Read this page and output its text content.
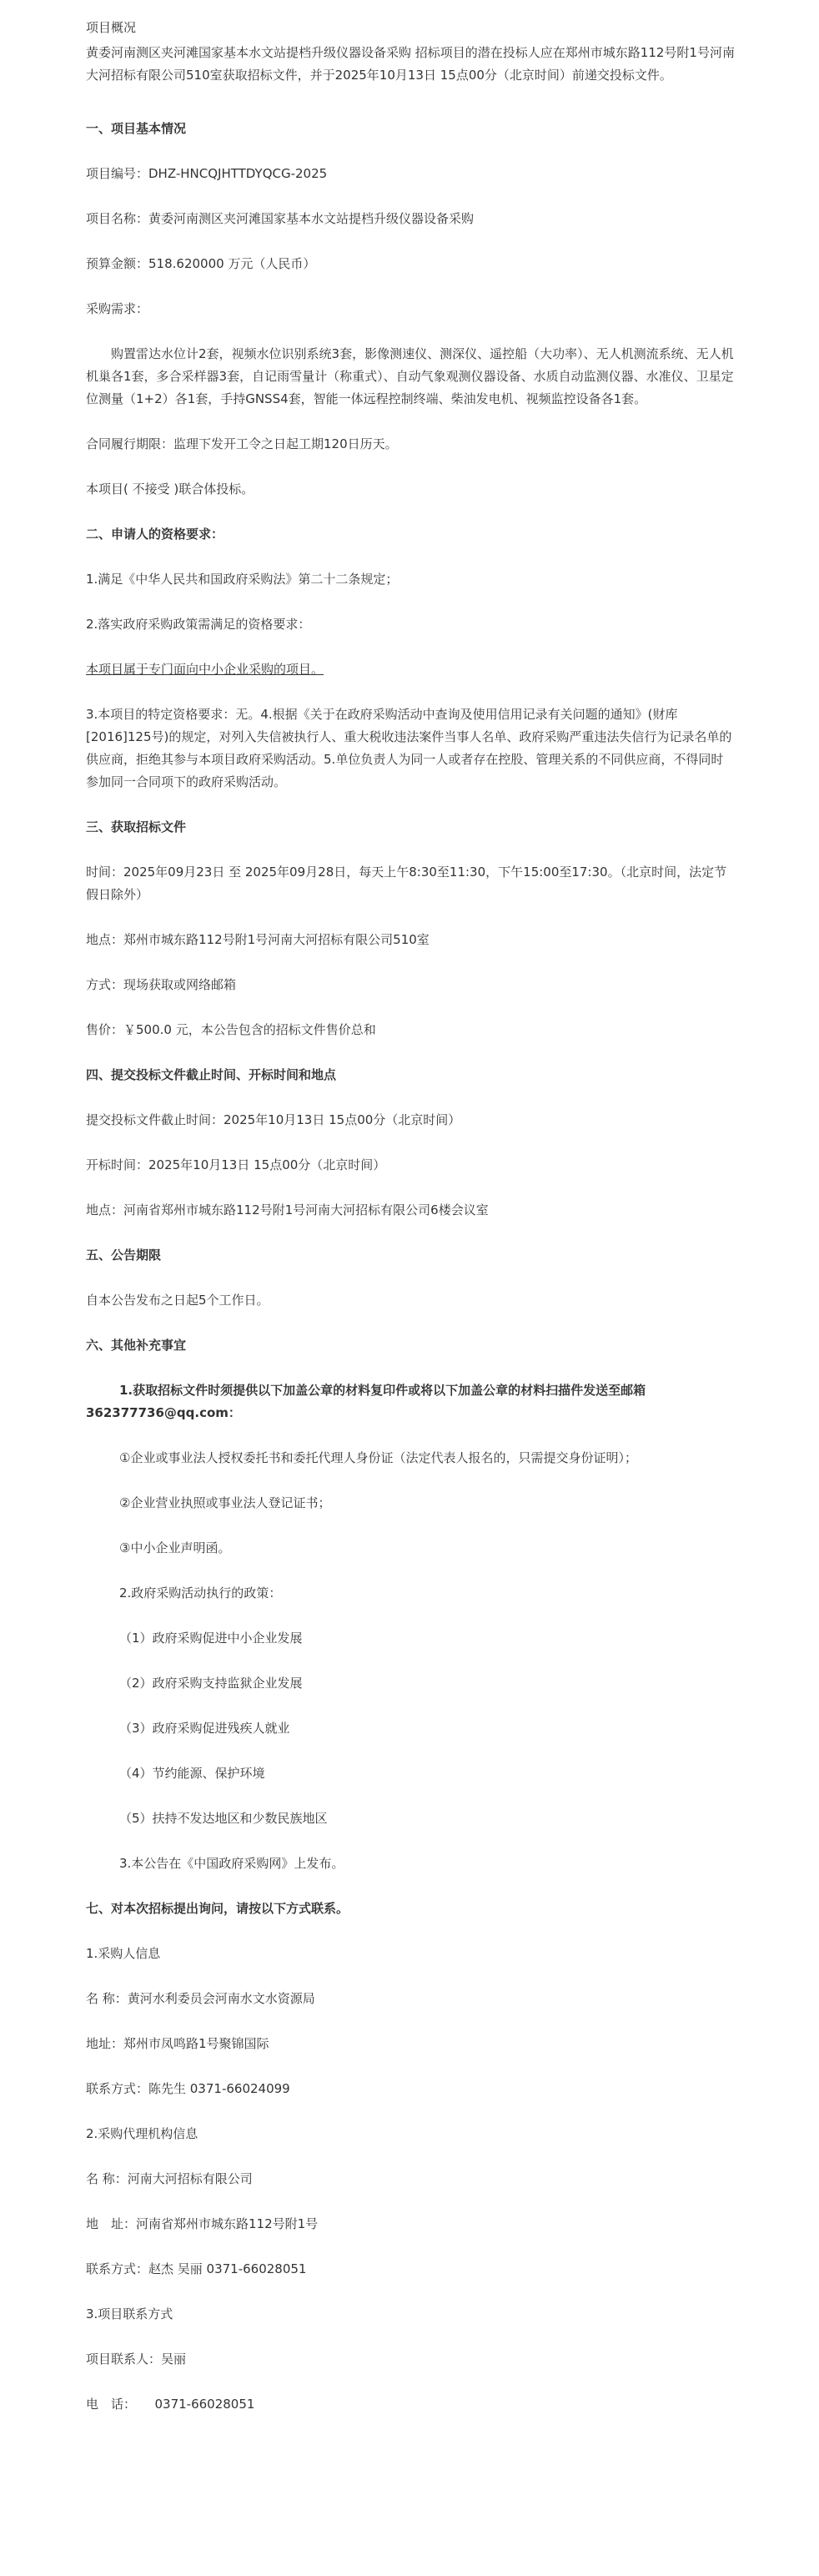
项目概况

黄委河南测区夹河滩国家基本水文站提档升级仪器设备采购 招标项目的潜在投标人应在郑州市城东路112号附1号河南大河招标有限公司510室获取招标文件，并于2025年10月13日 15点00分（北京时间）前递交投标文件。

一、项目基本情况

项目编号：DHZ-HNCQJHTTDYQCG-2025

项目名称：黄委河南测区夹河滩国家基本水文站提档升级仪器设备采购

预算金额：518.620000 万元（人民币）

采购需求：

购置雷达水位计2套，视频水位识别系统3套，影像测速仪、测深仪、遥控船（大功率）、无人机测流系统、无人机机巢各1套，多合采样器3套，自记雨雪量计（称重式）、自动气象观测仪器设备、水质自动监测仪器、水准仪、卫星定位测量（1+2）各1套，手持GNSS4套，智能一体远程控制终端、柴油发电机、视频监控设备各1套。

合同履行期限：监理下发开工令之日起工期120日历天。

本项目( 不接受 )联合体投标。

二、申请人的资格要求：

1.满足《中华人民共和国政府采购法》第二十二条规定；

2.落实政府采购政策需满足的资格要求：

本项目属于专门面向中小企业采购的项目。

3.本项目的特定资格要求：无。4.根据《关于在政府采购活动中查询及使用信用记录有关问题的通知》(财库[2016]125号)的规定，对列入失信被执行人、重大税收违法案件当事人名单、政府采购严重违法失信行为记录名单的供应商，拒绝其参与本项目政府采购活动。5.单位负责人为同一人或者存在控股、管理关系的不同供应商，不得同时参加同一合同项下的政府采购活动。

三、获取招标文件

时间：2025年09月23日 至 2025年09月28日，每天上午8:30至11:30，下午15:00至17:30。（北京时间，法定节假日除外）

地点：郑州市城东路112号附1号河南大河招标有限公司510室

方式：现场获取或网络邮箱

售价：￥500.0 元，本公告包含的招标文件售价总和

四、提交投标文件截止时间、开标时间和地点

提交投标文件截止时间：2025年10月13日 15点00分（北京时间）

开标时间：2025年10月13日 15点00分（北京时间）

地点：河南省郑州市城东路112号附1号河南大河招标有限公司6楼会议室

五、公告期限

自本公告发布之日起5个工作日。

六、其他补充事宜

1.获取招标文件时须提供以下加盖公章的材料复印件或将以下加盖公章的材料扫描件发送至邮箱

362377736@qq.com：

①企业或事业法人授权委托书和委托代理人身份证（法定代表人报名的，只需提交身份证明）；

②企业营业执照或事业法人登记证书；

③中小企业声明函。

2.政府采购活动执行的政策：

（1）政府采购促进中小企业发展

（2）政府采购支持监狱企业发展

（3）政府采购促进残疾人就业

（4）节约能源、保护环境

（5）扶持不发达地区和少数民族地区

3.本公告在《中国政府采购网》上发布。

七、对本次招标提出询问，请按以下方式联系。

1.采购人信息

名 称：黄河水利委员会河南水文水资源局

地址：郑州市凤鸣路1号聚锦国际

联系方式：陈先生 0371-66024099

2.采购代理机构信息

名 称：河南大河招标有限公司

地　址：河南省郑州市城东路112号附1号

联系方式：赵杰 吴丽 0371-66028051

3.项目联系方式

项目联系人：吴丽

电　话：　　0371-66028051
